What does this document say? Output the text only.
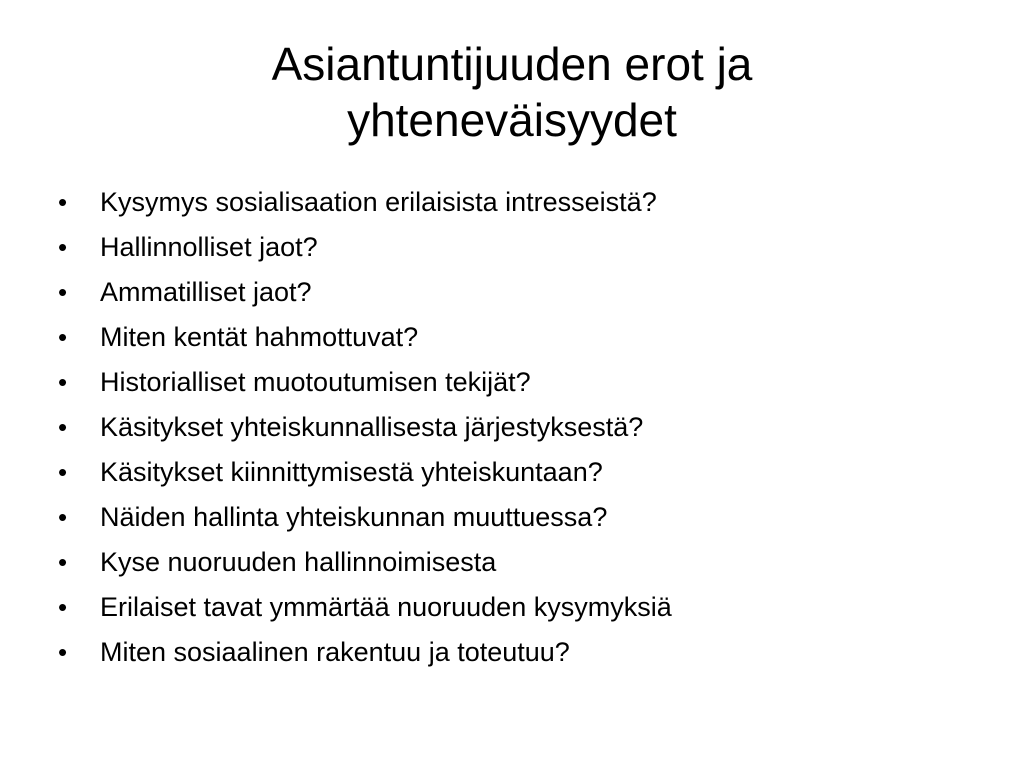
Asiantuntijuuden erot ja
yhteneväisyydet
•	Kysymys sosialisaation erilaisista intresseistä?
•	Hallinnolliset jaot?
•	Ammatilliset jaot?
•	Miten kentät hahmottuvat?
•	Historialliset muotoutumisen tekijät?
•	Käsitykset yhteiskunnallisesta järjestyksestä?
•	Käsitykset kiinnittymisestä yhteiskuntaan?
•	Näiden hallinta yhteiskunnan muuttuessa?
•	Kyse nuoruuden hallinnoimisesta
•	Erilaiset tavat ymmärtää nuoruuden kysymyksiä
•	Miten sosiaalinen rakentuu ja toteutuu?
